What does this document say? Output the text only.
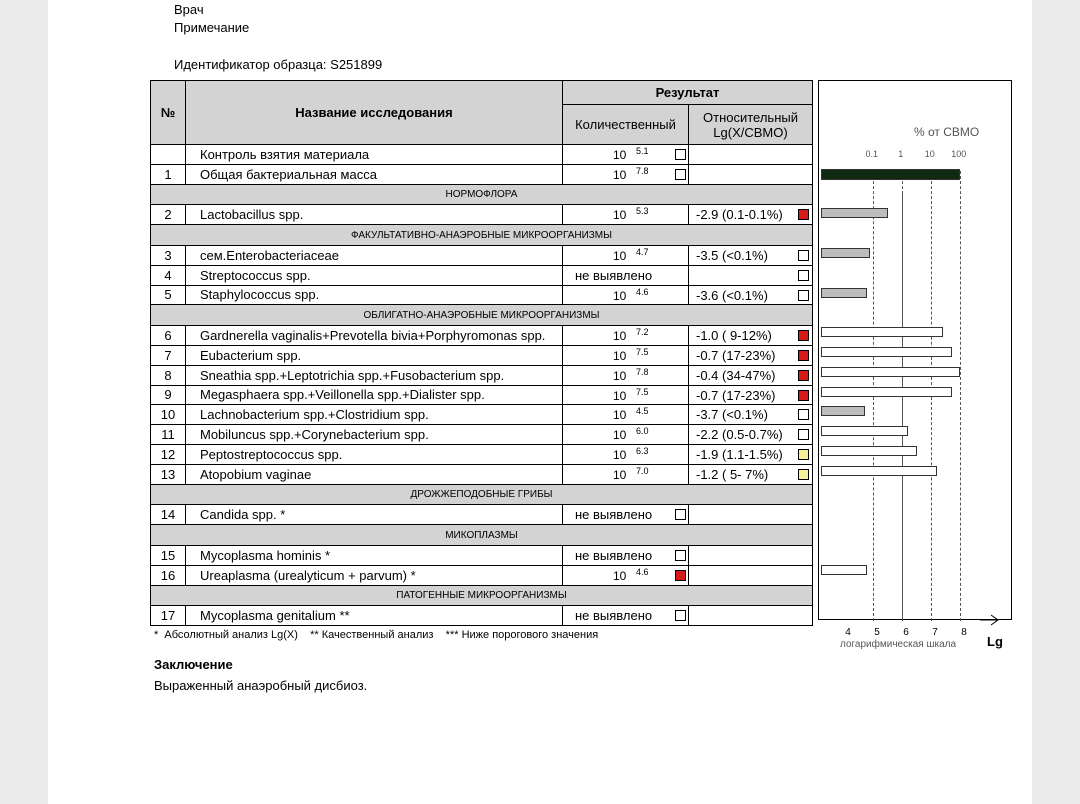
Врач
Примечание
Идентификатор образца: S251899
№	Название исследования	Результат	
		Количественный	Относительный Lg(X/СВМО)
	Контроль взятия материала	10 5.1	

1	Общая бактериальная масса	10 7.8	

НОРМОФЛОРА			
2	Lactobacillus spp.	10 5.3	-2.9 (0.1-0.1%)

ФАКУЛЬТАТИВНО-АНАЭРОБНЫЕ МИКРООРГАНИЗМЫ			
3	сем.Enterobacteriaceae	10 4.7	-3.5 (<0.1%)

4	Streptococcus spp.	не выявлено	

5	Staphylococcus spp.	10 4.6	-3.6 (<0.1%)

ОБЛИГАТНО-АНАЭРОБНЫЕ МИКРООРГАНИЗМЫ			
6	Gardnerella vaginalis+Prevotella bivia+Porphyromonas spp.	10 7.2	-1.0 ( 9-12%)

7	Eubacterium spp.	10 7.5	-0.7 (17-23%)

8	Sneathia spp.+Leptotrichia spp.+Fusobacterium spp.	10 7.8	-0.4 (34-47%)

9	Megasphaera spp.+Veillonella spp.+Dialister spp.	10 7.5	-0.7 (17-23%)

10	Lachnobacterium spp.+Clostridium spp.	10 4.5	-3.7 (<0.1%)

11	Mobiluncus spp.+Corynebacterium spp.	10 6.0	-2.2 (0.5-0.7%)

12	Peptostreptococcus spp.	10 6.3	-1.9 (1.1-1.5%)

13	Atopobium vaginae	10 7.0	-1.2 ( 5- 7%)

ДРОЖЖЕПОДОБНЫЕ ГРИБЫ			
14	Candida spp. *	не выявлено	

МИКОПЛАЗМЫ			
15	Mycoplasma hominis *	не выявлено	

16	Ureaplasma (urealyticum + parvum) *	10 4.6	

ПАТОГЕННЫЕ МИКРООРГАНИЗМЫ			
17	Mycoplasma genitalium **	не выявлено	

% от СВМО
0.1 1 10 100
4 5 6 7 8
логарифмическая шкала Lg
*  Абсолютный анализ Lg(X)    ** Качественный анализ    *** Ниже порогового значения
Заключение
Выраженный анаэробный дисбиоз.
